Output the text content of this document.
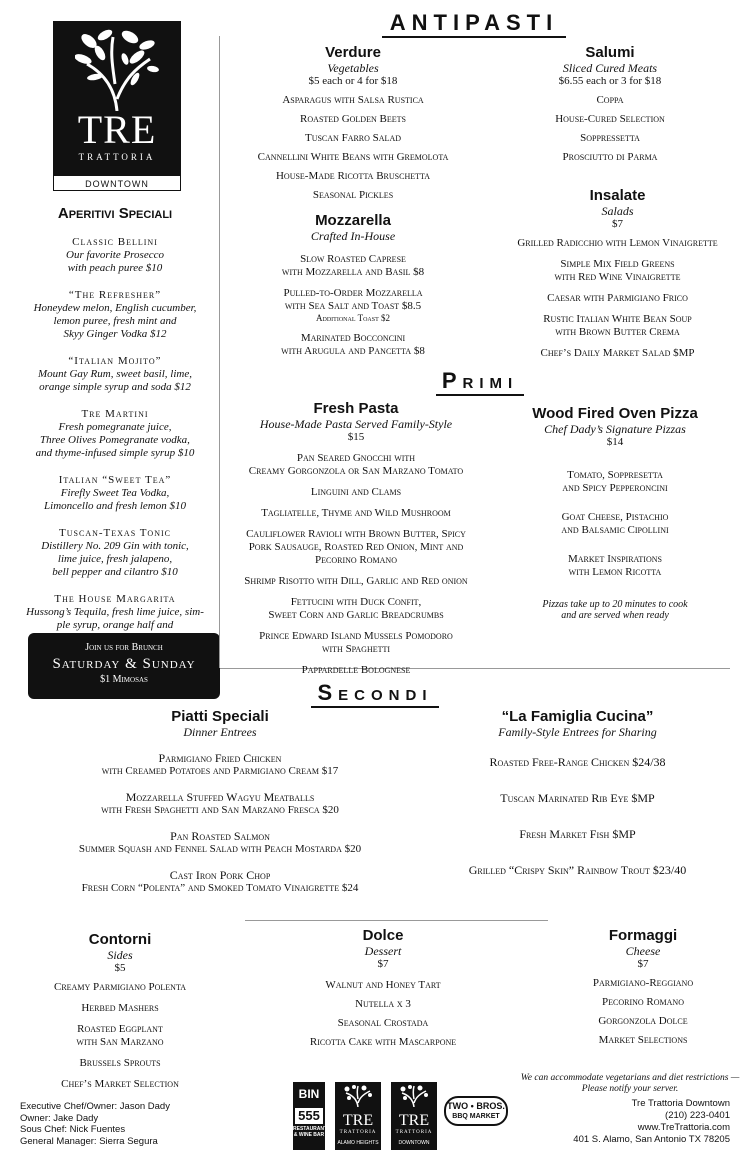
TRE
TRATTORIA
DOWNTOWN
Aperitivi Speciali
Classic Bellini
Our favorite Prosecco
with peach puree $10
“The Refresher”
Honeydew melon, English cucumber,
lemon puree, fresh mint and
Skyy Ginger Vodka $12
“Italian Mojito”
Mount Gay Rum, sweet basil, lime,
orange simple syrup and soda $12
Tre Martini
Fresh pomegranate juice,
Three Olives Pomegranate vodka,
and thyme-infused simple syrup $10
Italian “Sweet Tea”
Firefly Sweet Tea Vodka,
Limoncello and fresh lemon $10
Tuscan-Texas Tonic
Distillery No. 209 Gin with tonic,
lime juice, fresh jalapeno,
bell pepper and cilantro $10
The House Margarita
Hussong’s Tequila, fresh lime juice, sim-
ple syrup, orange half and
Join us for Brunch
Saturday & Sunday
$1 Mimosas
ANTIPASTI
Verdure
Vegetables
$5 each or 4 for $18
Asparagus with Salsa Rustica
Roasted Golden Beets
Tuscan Farro Salad
Cannellini White Beans with Gremolota
House-Made Ricotta Bruschetta
Seasonal Pickles
Salumi
Sliced Cured Meats
$6.55 each or 3 for $18
Coppa
House-Cured Selection
Soppressetta
Prosciutto di Parma
Mozzarella
Crafted In-House
Slow Roasted Caprese
with Mozzarella and Basil $8
Pulled-to-Order Mozzarella
with Sea Salt and Toast $8.5
Additional Toast $2
Marinated Bocconcini
with Arugula and Pancetta $8
Insalate
Salads
$7
Grilled Radicchio with Lemon Vinaigrette
Simple Mix Field Greens
with Red Wine Vinaigrette
Caesar with Parmigiano Frico
Rustic Italian White Bean Soup
with Brown Butter Crema
Chef’s Daily Market Salad $MP
Primi
Fresh Pasta
House-Made Pasta Served Family-Style
$15
Pan Seared Gnocchi with
Creamy Gorgonzola or San Marzano Tomato
Linguini and Clams
Tagliatelle, Thyme and Wild Mushroom
Cauliflower Ravioli with Brown Butter, Spicy
Pork Sausauge, Roasted Red Onion, Mint and
Pecorino Romano
Shrimp Risotto with Dill, Garlic and Red onion
Fettucini with Duck Confit,
Sweet Corn and Garlic Breadcrumbs
Prince Edward Island Mussels Pomodoro
with Spaghetti
Pappardelle Bolognese
Wood Fired Oven Pizza
Chef Dady’s Signature Pizzas
$14
Tomato, Soppresetta
and Spicy Pepperoncini
Goat Cheese, Pistachio
and Balsamic Cipollini
Market Inspirations
with Lemon Ricotta
Pizzas take up to 20 minutes to cook
and are served when ready
Secondi
Piatti Speciali
Dinner Entrees
Parmigiano Fried Chicken
with Creamed Potatoes and Parmigiano Cream $17
Mozzarella Stuffed Wagyu Meatballs
with Fresh Spaghetti and San Marzano Fresca $20
Pan Roasted Salmon
Summer Squash and Fennel Salad with Peach Mostarda $20
Cast Iron Pork Chop
Fresh Corn “Polenta” and Smoked Tomato Vinaigrette $24
“La Famiglia Cucina”
Family-Style Entrees for Sharing
Roasted Free-Range Chicken $24/38
Tuscan Marinated Rib Eye $MP
Fresh Market Fish $MP
Grilled “Crispy Skin” Rainbow Trout $23/40
Contorni
Sides
$5
Creamy Parmigiano Polenta
Herbed Mashers
Roasted Eggplant
with San Marzano
Brussels Sprouts
Chef’s Market Selection
Dolce
Dessert
$7
Walnut and Honey Tart
Nutella x 3
Seasonal Crostada
Ricotta Cake with Mascarpone
Formaggi
Cheese
$7
Parmigiano-Reggiano
Pecorino Romano
Gorgonzola Dolce
Market Selections
Executive Chef/Owner: Jason Dady
Owner: Jake Dady
Sous Chef: Nick Fuentes
General Manager: Sierra Segura
BIN
555
RESTAURANT & WINE BAR
TRE
TRATTORIA
ALAMO HEIGHTS
TRE
TRATTORIA
DOWNTOWN
TWO • BROS.
BBQ MARKET
We can accommodate vegetarians and diet restrictions —
Please notify your server.
Tre Trattoria Downtown
(210) 223-0401
www.TreTrattoria.com
401 S. Alamo, San Antonio TX 78205
